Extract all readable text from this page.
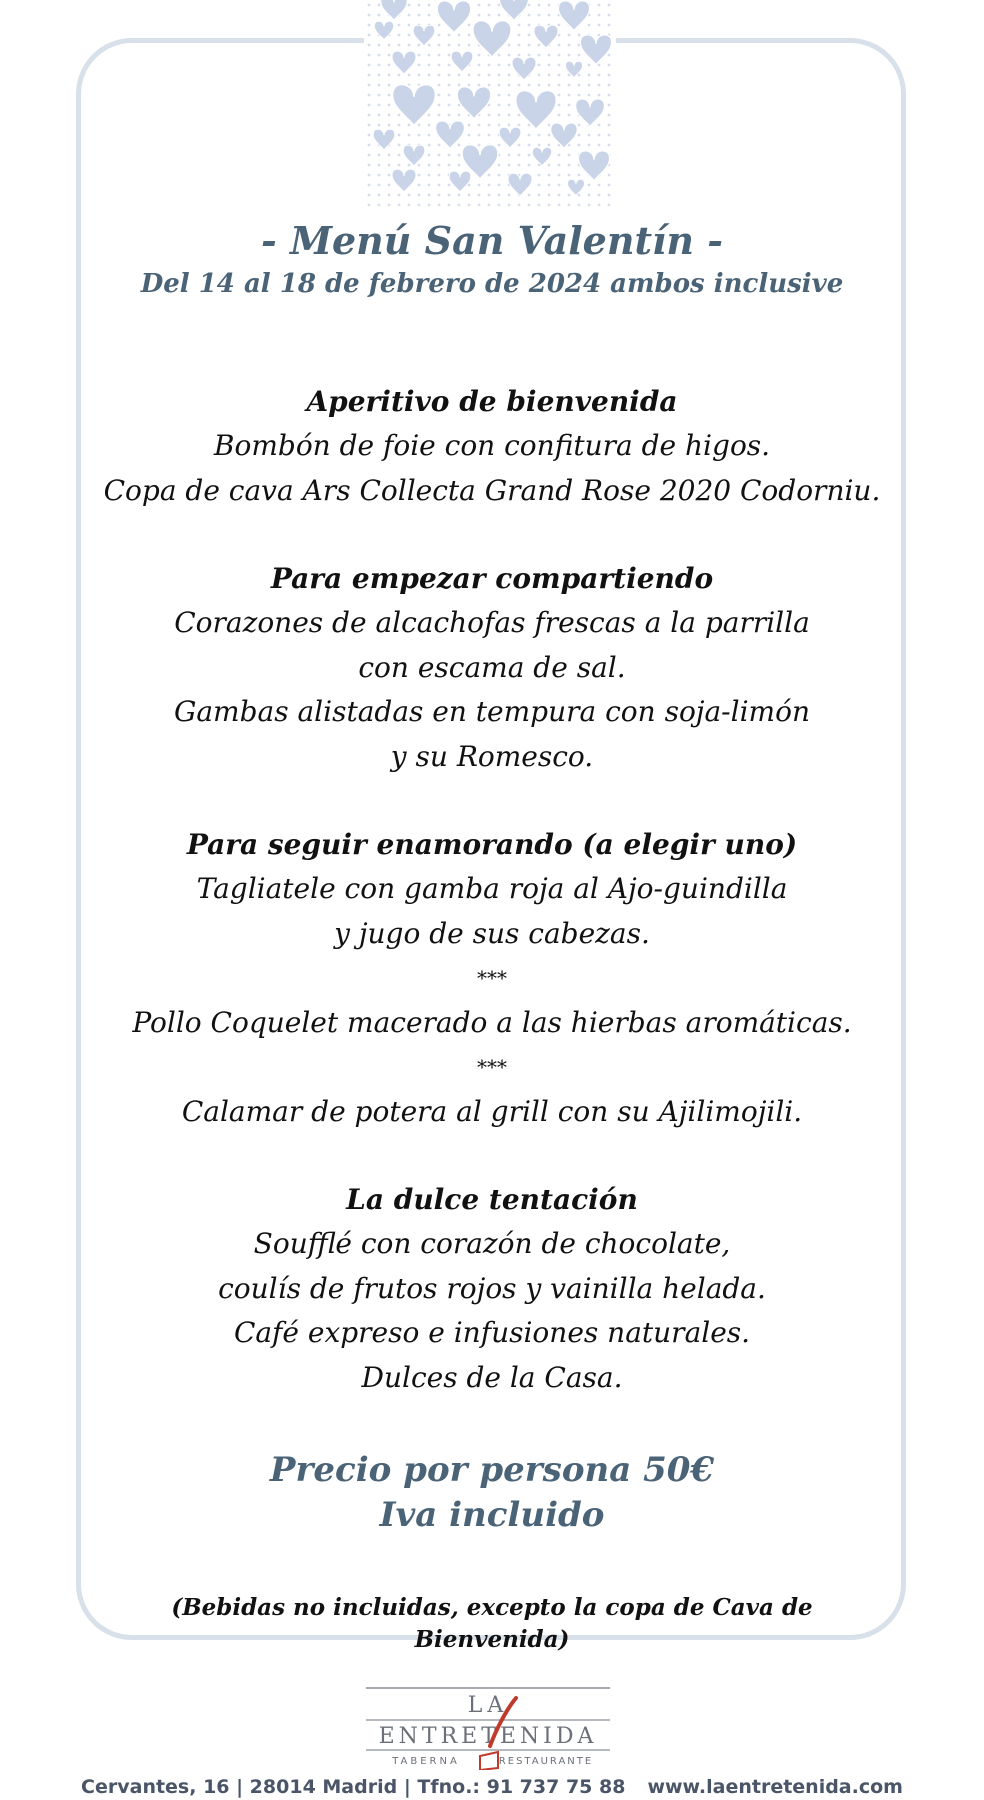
- Menú San Valentín -
Del 14 al 18 de febrero de 2024 ambos inclusive
Aperitivo de bienvenida
Bombón de foie con confitura de higos.
Copa de cava Ars Collecta Grand Rose 2020 Codorniu.
Para empezar compartiendo
Corazones de alcachofas frescas a la parrilla
con escama de sal.
Gambas alistadas en tempura con soja-limón
y su Romesco.
Para seguir enamorando (a elegir uno)
Tagliatele con gamba roja al Ajo-guindilla
y jugo de sus cabezas.
***
Pollo Coquelet macerado a las hierbas aromáticas.
***
Calamar de potera al grill con su Ajilimojili.
La dulce tentación
Soufflé con corazón de chocolate,
coulís de frutos rojos y vainilla helada.
Café expreso e infusiones naturales.
Dulces de la Casa.
Precio por persona 50€
Iva incluido
(Bebidas no incluidas, excepto la copa de Cava de Bienvenida)
LA
ENTRETENIDA
TABERNA	RESTAURANTE
Cervantes, 16 | 28014 Madrid | Tfno.: 91 737 75 88 www.laentretenida.com
